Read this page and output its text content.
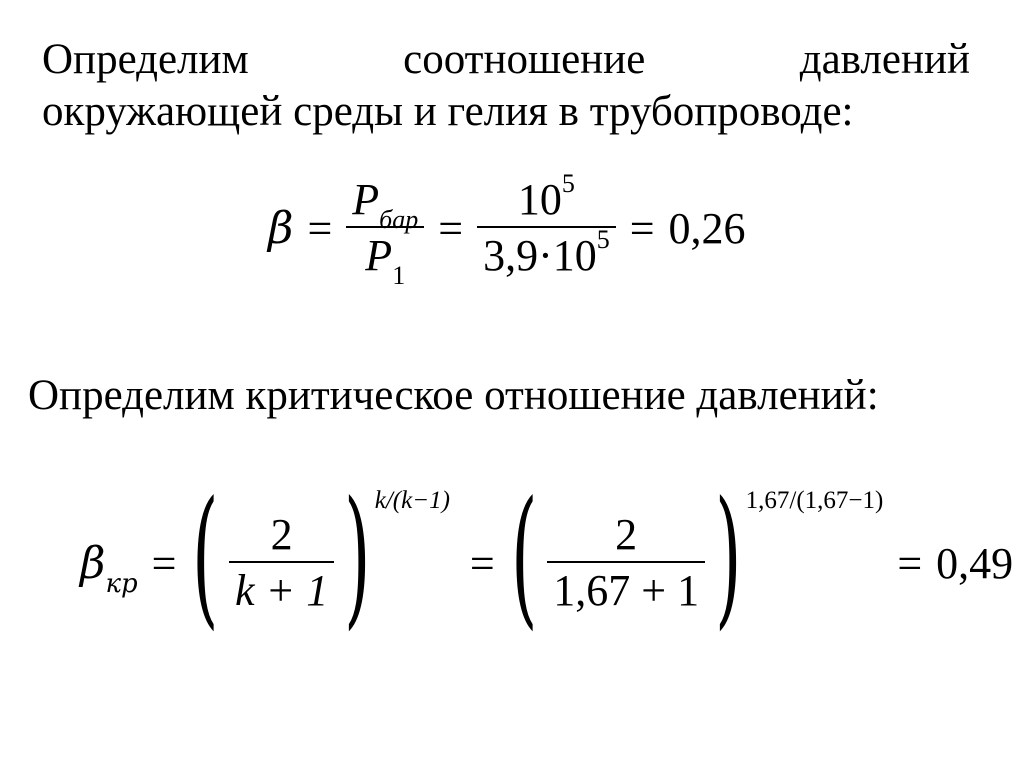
Определим	соотношение	давлений
окружающей среды и гелия в трубопроводе:
$\beta = \frac{P_{бар}}{P_1} = \frac{10^5}{3,9\cdot 10^5} = 0,26$
Определим критическое отношение давлений:
$\beta_{кр}$ = ( $\frac{2}{k + 1}$ ) k/(k−1)
= ( $\frac{2}{1,67 + 1}$ ) 1,67/(1,67−1)
= 0,49
